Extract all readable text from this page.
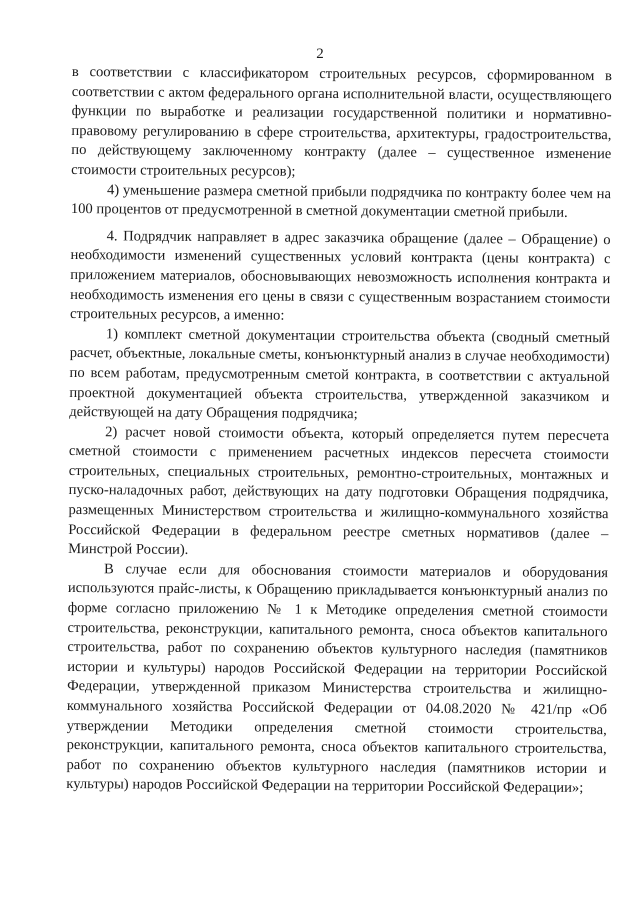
2

в соответствии с классификатором строительных ресурсов, сформированном в соответствии с актом федерального органа исполнительной власти, осуществляющего функции по выработке и реализации государственной политики и нормативно-правовому регулированию в сфере строительства, архитектуры, градостроительства, по действующему заключенному контракту (далее – существенное изменение стоимости строительных ресурсов);

4) уменьшение размера сметной прибыли подрядчика по контракту более чем на 100 процентов от предусмотренной в сметной документации сметной прибыли.

4. Подрядчик направляет в адрес заказчика обращение (далее – Обращение) о необходимости изменений существенных условий контракта (цены контракта) с приложением материалов, обосновывающих невозможность исполнения контракта и необходимость изменения его цены в связи с существенным возрастанием стоимости строительных ресурсов, а именно:

1) комплект сметной документации строительства объекта (сводный сметный расчет, объектные, локальные сметы, конъюнктурный анализ в случае необходимости) по всем работам, предусмотренным сметой контракта, в соответствии с актуальной проектной документацией объекта строительства, утвержденной заказчиком и действующей на дату Обращения подрядчика;

2) расчет новой стоимости объекта, который определяется путем пересчета сметной стоимости с применением расчетных индексов пересчета стоимости строительных, специальных строительных, ремонтно-строительных, монтажных и пуско-наладочных работ, действующих на дату подготовки Обращения подрядчика, размещенных Министерством строительства и жилищно-коммунального хозяйства Российской Федерации в федеральном реестре сметных нормативов (далее – Минстрой России).

В случае если для обоснования стоимости материалов и оборудования используются прайс-листы, к Обращению прикладывается конъюнктурный анализ по форме согласно приложению № 1 к Методике определения сметной стоимости строительства, реконструкции, капитального ремонта, сноса объектов капитального строительства, работ по сохранению объектов культурного наследия (памятников истории и культуры) народов Российской Федерации на территории Российской Федерации, утвержденной приказом Министерства строительства и жилищно-коммунального хозяйства Российской Федерации от 04.08.2020 № 421/пр «Об утверждении Методики определения сметной стоимости строительства, реконструкции, капитального ремонта, сноса объектов капитального строительства, работ по сохранению объектов культурного наследия (памятников истории и культуры) народов Российской Федерации на территории Российской Федерации»;
